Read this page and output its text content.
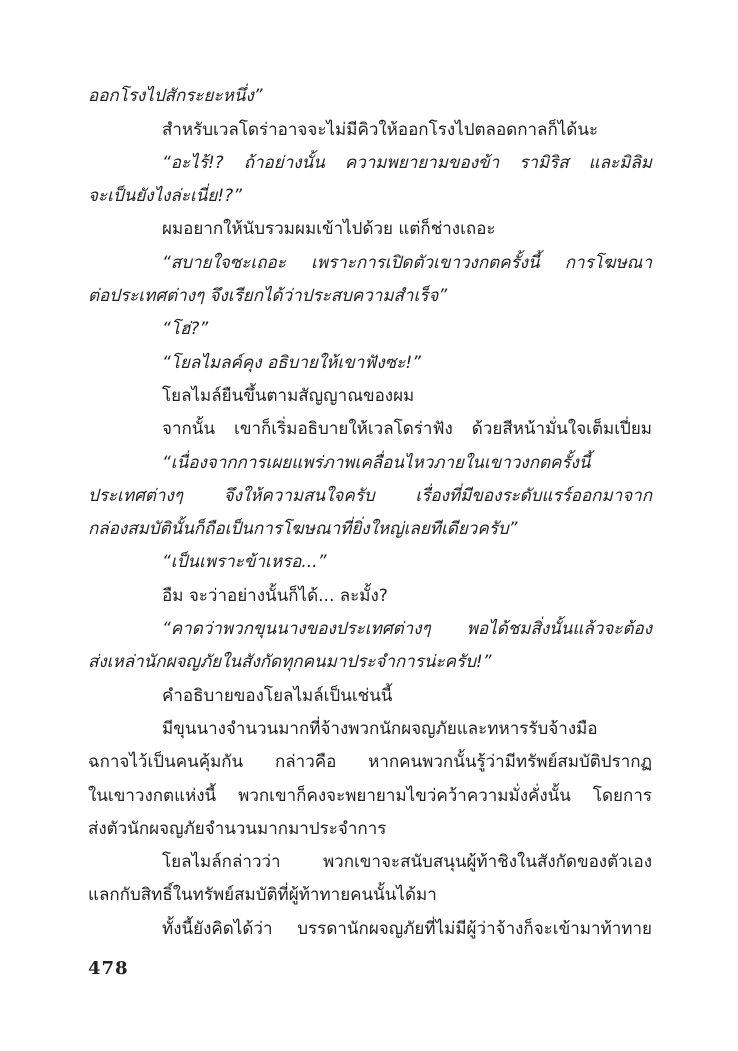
ออกโรงไปสักระยะหนึ่ง”
สำหรับเวลโดร่าอาจจะไม่มีคิวให้ออกโรงไปตลอดกาลก็ได้นะ
“อะไร้!? ถ้าอย่างนั้น ความพยายามของข้า รามิริส และมิลิม
จะเป็นยังไงล่ะเนี่ย!?”
ผมอยากให้นับรวมผมเข้าไปด้วย แต่ก็ช่างเถอะ
“สบายใจซะเถอะ เพราะการเปิดตัวเขาวงกตครั้งนี้ การโฆษณา
ต่อประเทศต่างๆ จึงเรียกได้ว่าประสบความสำเร็จ”
“โฮ่?”
“โยลไมลค์คุง อธิบายให้เขาฟังซะ!”
โยลไมล์ยืนขึ้นตามสัญญาณของผม
จากนั้น เขาก็เริ่มอธิบายให้เวลโดร่าฟัง ด้วยสีหน้ามั่นใจเต็มเปี่ยม
“เนื่องจากการเผยแพร่ภาพเคลื่อนไหวภายในเขาวงกตครั้งนี้
ประเทศต่างๆ จึงให้ความสนใจครับ เรื่องที่มีของระดับแรร์ออกมาจาก
กล่องสมบัตินั้นก็ถือเป็นการโฆษณาที่ยิ่งใหญ่เลยทีเดียวครับ”
“เป็นเพราะข้าเหรอ...”
อืม จะว่าอย่างนั้นก็ได้... ละมั้ง?
“คาดว่าพวกขุนนางของประเทศต่างๆ พอได้ชมสิ่งนั้นแล้วจะต้อง
ส่งเหล่านักผจญภัยในสังกัดทุกคนมาประจำการน่ะครับ!”
คำอธิบายของโยลไมล์เป็นเช่นนี้
มีขุนนางจำนวนมากที่จ้างพวกนักผจญภัยและทหารรับจ้างมือ
ฉกาจไว้เป็นคนคุ้มกัน กล่าวคือ หากคนพวกนั้นรู้ว่ามีทรัพย์สมบัติปรากฏ
ในเขาวงกตแห่งนี้ พวกเขาก็คงจะพยายามไขว่คว้าความมั่งคั่งนั้น โดยการ
ส่งตัวนักผจญภัยจำนวนมากมาประจำการ
โยลไมล์กล่าวว่า พวกเขาจะสนับสนุนผู้ท้าชิงในสังกัดของตัวเอง
แลกกับสิทธิ์ในทรัพย์สมบัติที่ผู้ท้าทายคนนั้นได้มา
ทั้งนี้ยังคิดได้ว่า บรรดานักผจญภัยที่ไม่มีผู้ว่าจ้างก็จะเข้ามาท้าทาย
478
